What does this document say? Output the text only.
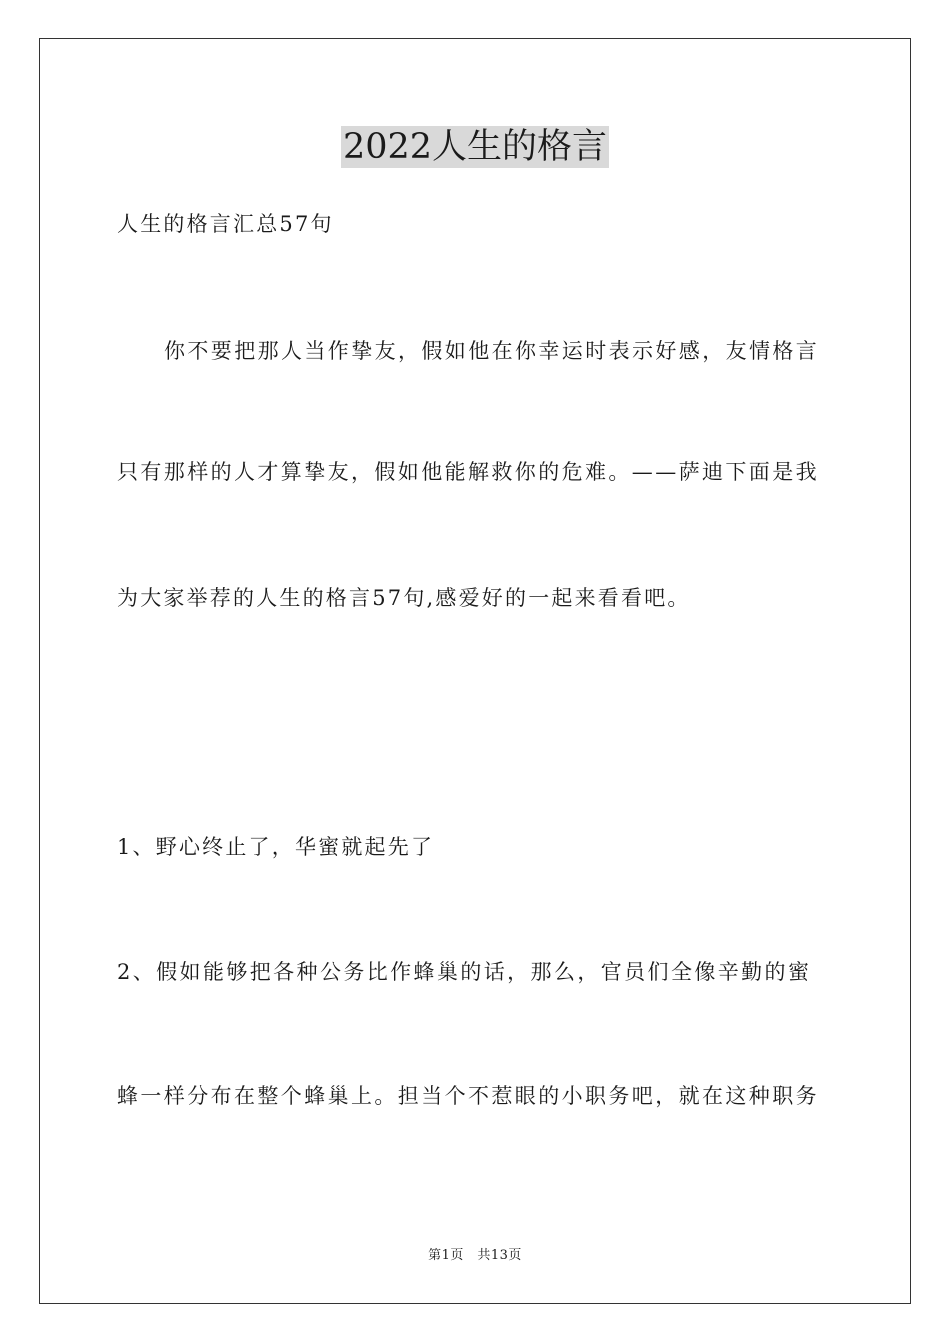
2022人生的格言
人生的格言汇总57句
你不要把那人当作挚友，假如他在你幸运时表示好感，友情格言
只有那样的人才算挚友，假如他能解救你的危难。——萨迪下面是我
为大家举荐的人生的格言57句,感爱好的一起来看看吧。
1、野心终止了，华蜜就起先了
2、假如能够把各种公务比作蜂巢的话，那么，官员们全像辛勤的蜜
蜂一样分布在整个蜂巢上。担当个不惹眼的小职务吧，就在这种职务
第1页　共13页
